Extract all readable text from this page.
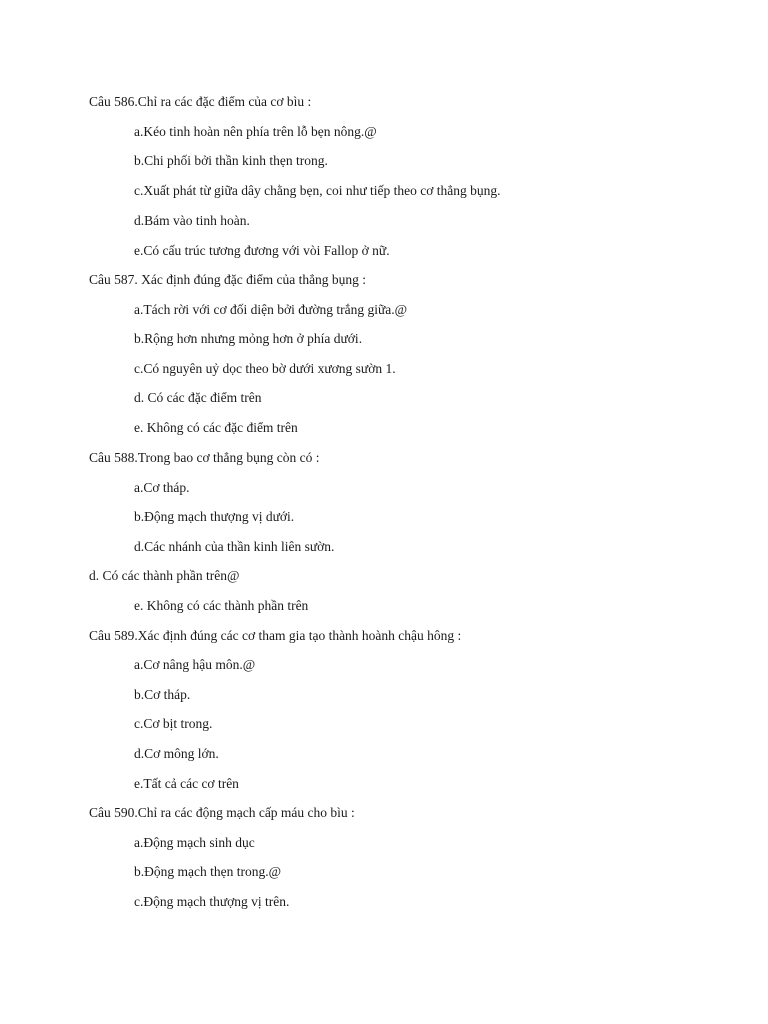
Câu 586.Chỉ ra các đặc điểm của cơ bìu :
a.Kéo tinh hoàn nên phía trên lỗ bẹn nông.@
b.Chi phối bởi thần kinh thẹn trong.
c.Xuất phát từ giữa dây chằng bẹn, coi như tiếp theo cơ thẳng bụng.
d.Bám vào tinh hoàn.
e.Có cấu trúc tương đương với vòi Fallop ở nữ.
Câu 587. Xác định đúng đặc điểm của thẳng bụng :
a.Tách rời với cơ đối diện bởi đường trắng giữa.@
b.Rộng hơn nhưng mỏng hơn ở phía dưới.
c.Có nguyên uỷ dọc theo bờ dưới xương sườn 1.
d. Có các đặc điểm trên
e. Không có các đặc điểm trên
Câu 588.Trong bao cơ thẳng bụng còn có :
a.Cơ tháp.
b.Động mạch thượng vị dưới.
d.Các nhánh của thần kinh liên sườn.
d. Có các thành phần trên@
e. Không có các thành phần trên
Câu 589.Xác định đúng các cơ tham gia tạo thành hoành chậu hông :
a.Cơ nâng hậu môn.@
b.Cơ tháp.
c.Cơ bịt trong.
d.Cơ mông lớn.
e.Tất cả các cơ trên
Câu 590.Chỉ ra các động mạch cấp máu cho bìu :
a.Động mạch sinh dục
b.Động mạch thẹn trong.@
c.Động mạch thượng vị trên.
